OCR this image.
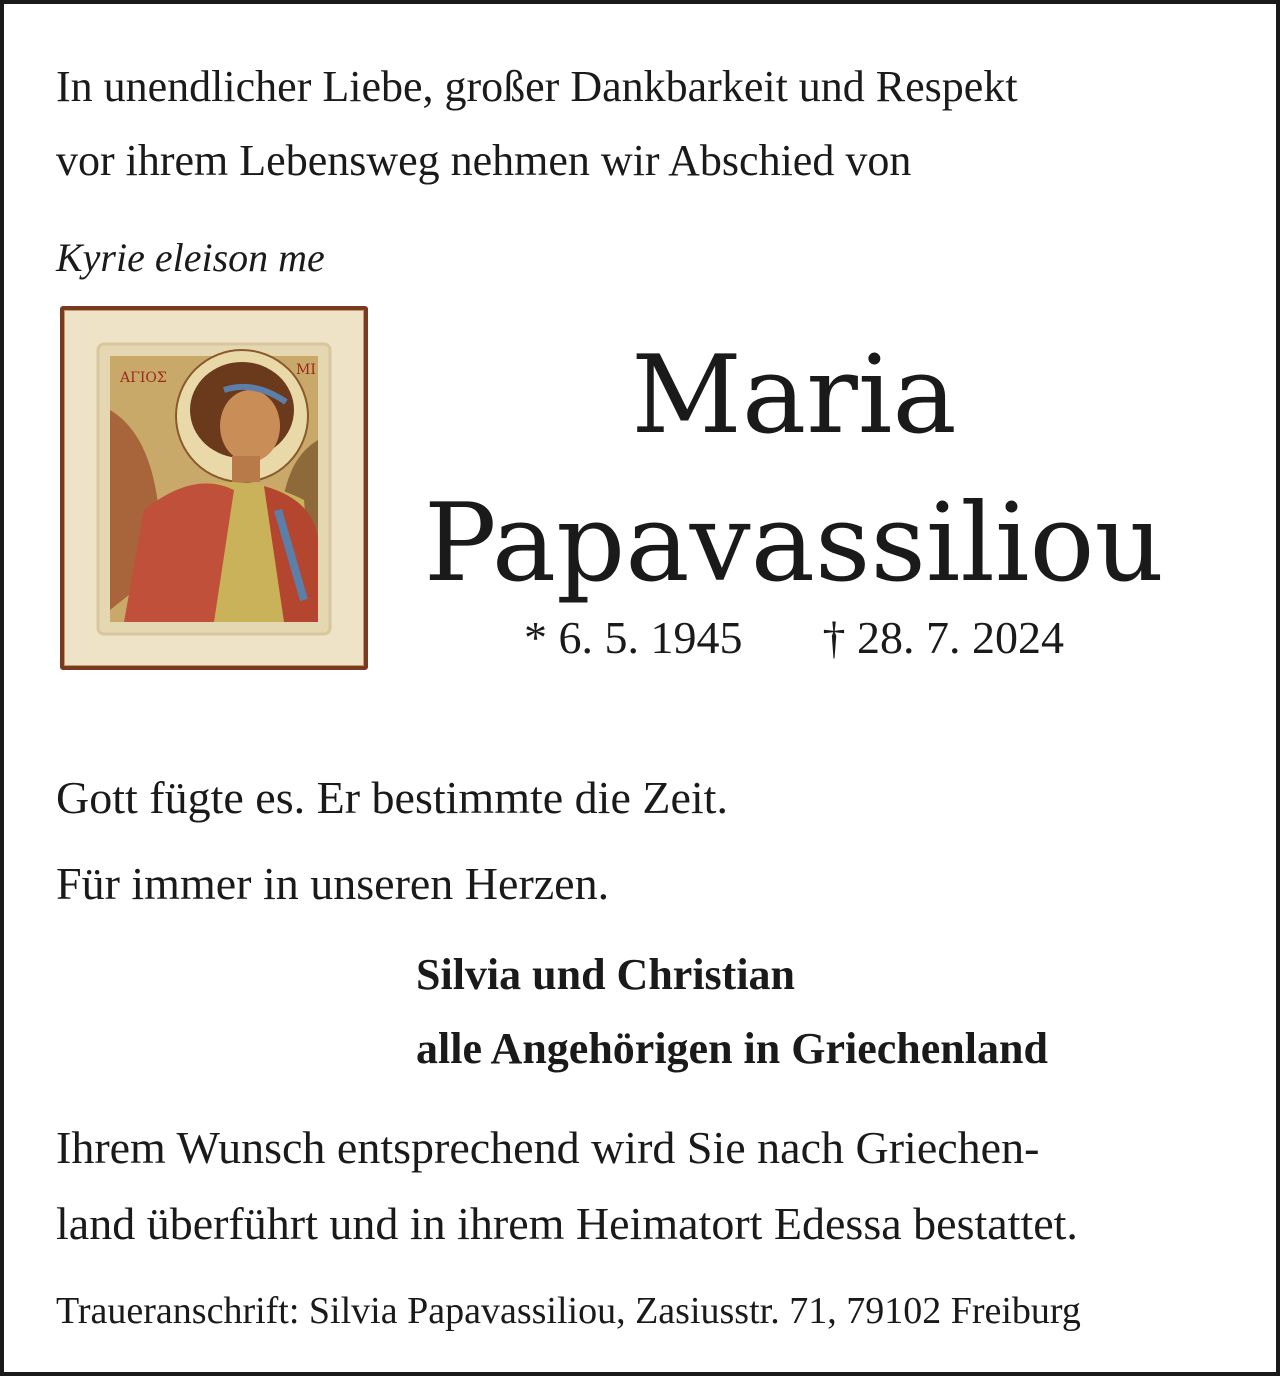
In unendlicher Liebe, großer Dankbarkeit und Respekt
vor ihrem Lebensweg nehmen wir Abschied von

Kyrie eleison me

ΑΓΙΟΣ	ΜΙ	Maria
Papavassiliou

* 6. 5. 1945 † 28. 7. 2024

Gott fügte es. Er bestimmte die Zeit.

Für immer in unseren Herzen.

Silvia und Christian
alle Angehörigen in Griechenland

Ihrem Wunsch entsprechend wird Sie nach Griechen-
land überführt und in ihrem Heimatort Edessa bestattet.

Traueranschrift: Silvia Papavassiliou, Zasiusstr. 71, 79102 Freiburg
